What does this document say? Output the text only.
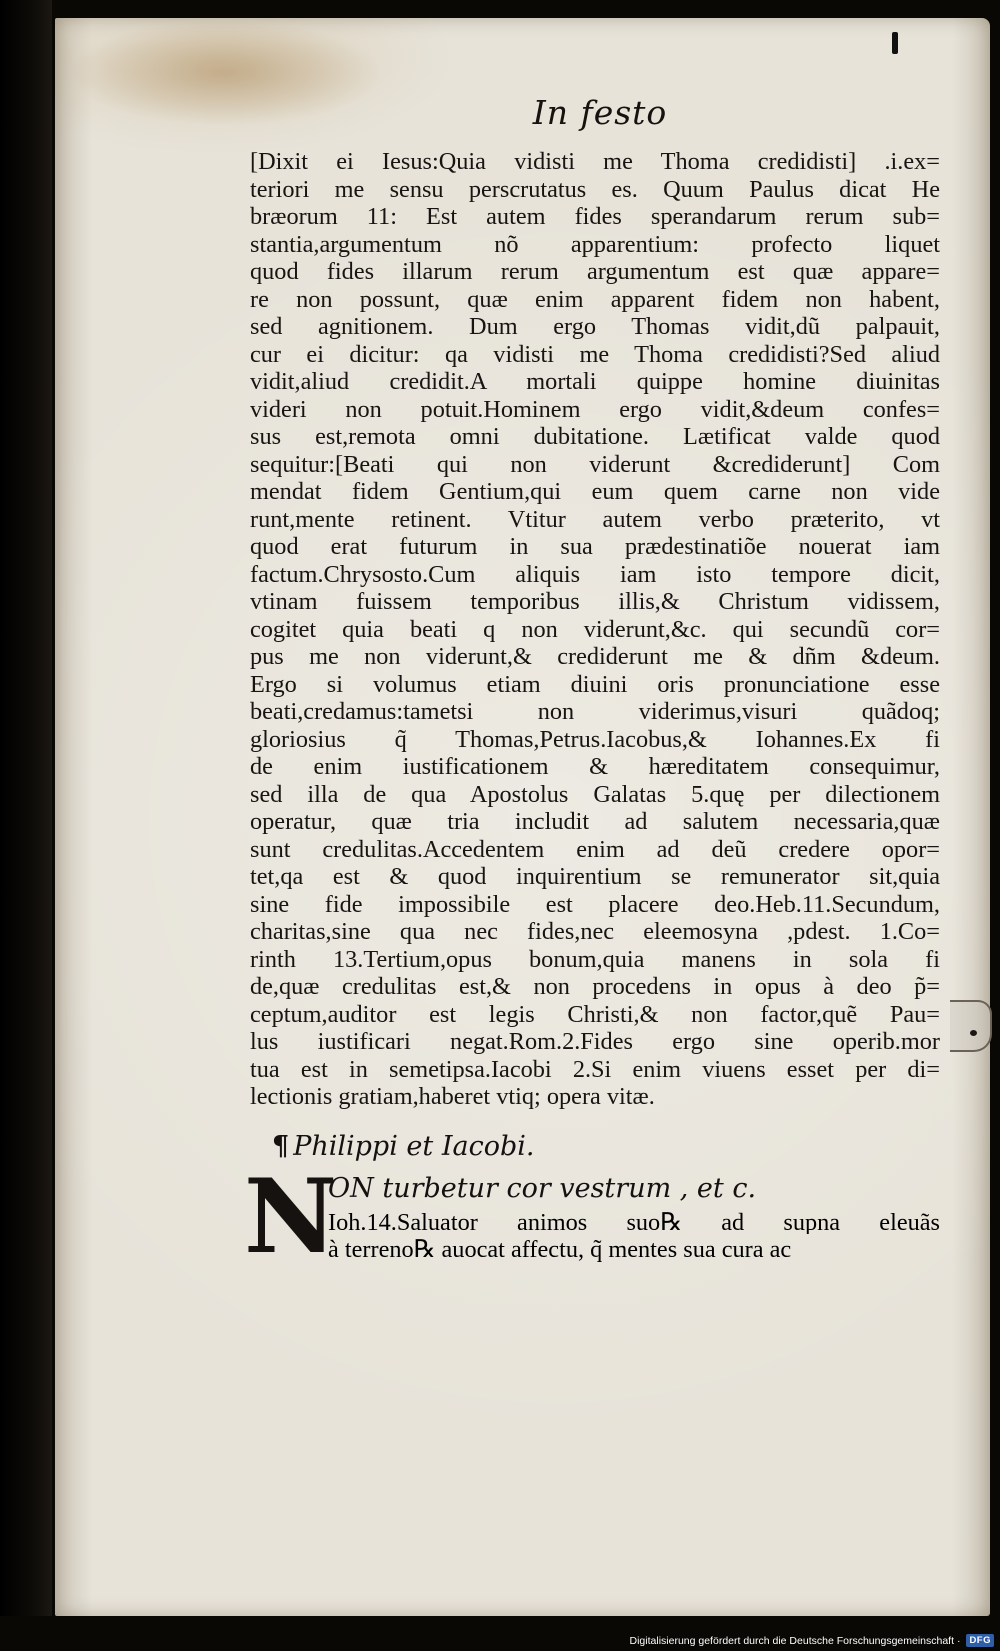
In festo
[Dixit ei Iesus:Quia vidisti me Thoma credidisti] .i.ex=
teriori me sensu perscrutatus es. Quum Paulus dicat He
bræorum 11: Est autem fides sperandarum rerum sub=
stantia,argumentum nõ apparentium: profecto liquet
quod fides illarum rerum argumentum est quæ appare=
re non possunt, quæ enim apparent fidem non habent,
sed agnitionem. Dum ergo Thomas vidit,dũ palpauit,
cur ei dicitur: qa vidisti me Thoma credidisti?Sed aliud
vidit,aliud credidit.A mortali quippe homine diuinitas
videri non potuit.Hominem ergo vidit,&deum confes=
sus est,remota omni dubitatione. Lætificat valde quod
sequitur:[Beati qui non viderunt &crediderunt] Com
mendat fidem Gentium,qui eum quem carne non vide
runt,mente retinent. Vtitur autem verbo præterito, vt
quod erat futurum in sua prædestinatiõe nouerat iam
factum.Chrysosto.Cum aliquis iam isto tempore dicit,
vtinam fuissem temporibus illis,& Christum vidissem,
cogitet quia beati q non viderunt,&c. qui secundũ cor=
pus me non viderunt,& crediderunt me & dñm &deum.
Ergo si volumus etiam diuini oris pronunciatione esse
beati,credamus:tametsi non viderimus,visuri quãdoq;
gloriosius q̃ Thomas,Petrus.Iacobus,& Iohannes.Ex fi
de enim iustificationem & hæreditatem consequimur,
sed illa de qua Apostolus Galatas 5.quę per dilectionem
operatur, quæ tria includit ad salutem necessaria,quæ
sunt credulitas.Accedentem enim ad deũ credere opor=
tet,qa est & quod inquirentium se remunerator sit,quia
sine fide impossibile est placere deo.Heb.11.Secundum,
charitas,sine qua nec fides,nec eleemosyna ,pdest. 1.Co=
rinth 13.Tertium,opus bonum,quia manens in sola fi
de,quæ credulitas est,& non procedens in opus à deo p̃=
ceptum,auditor est legis Christi,& non factor,quẽ Pau=
lus iustificari negat.Rom.2.Fides ergo sine operib.mor
tua est in semetipsa.Iacobi 2.Si enim viuens esset per di=
lectionis gratiam,haberet vtiq; opera vitæ.
¶ Philippi et Iacobi.
N
ON turbetur cor vestrum , et c.
Ioh.14.Saluator animos suo℞ ad supna eleuãs
à terreno℞ auocat affectu, q̃ mentes sua cura ac
Digitalisierung gefördert durch die Deutsche Forschungsgemeinschaft · DFG
